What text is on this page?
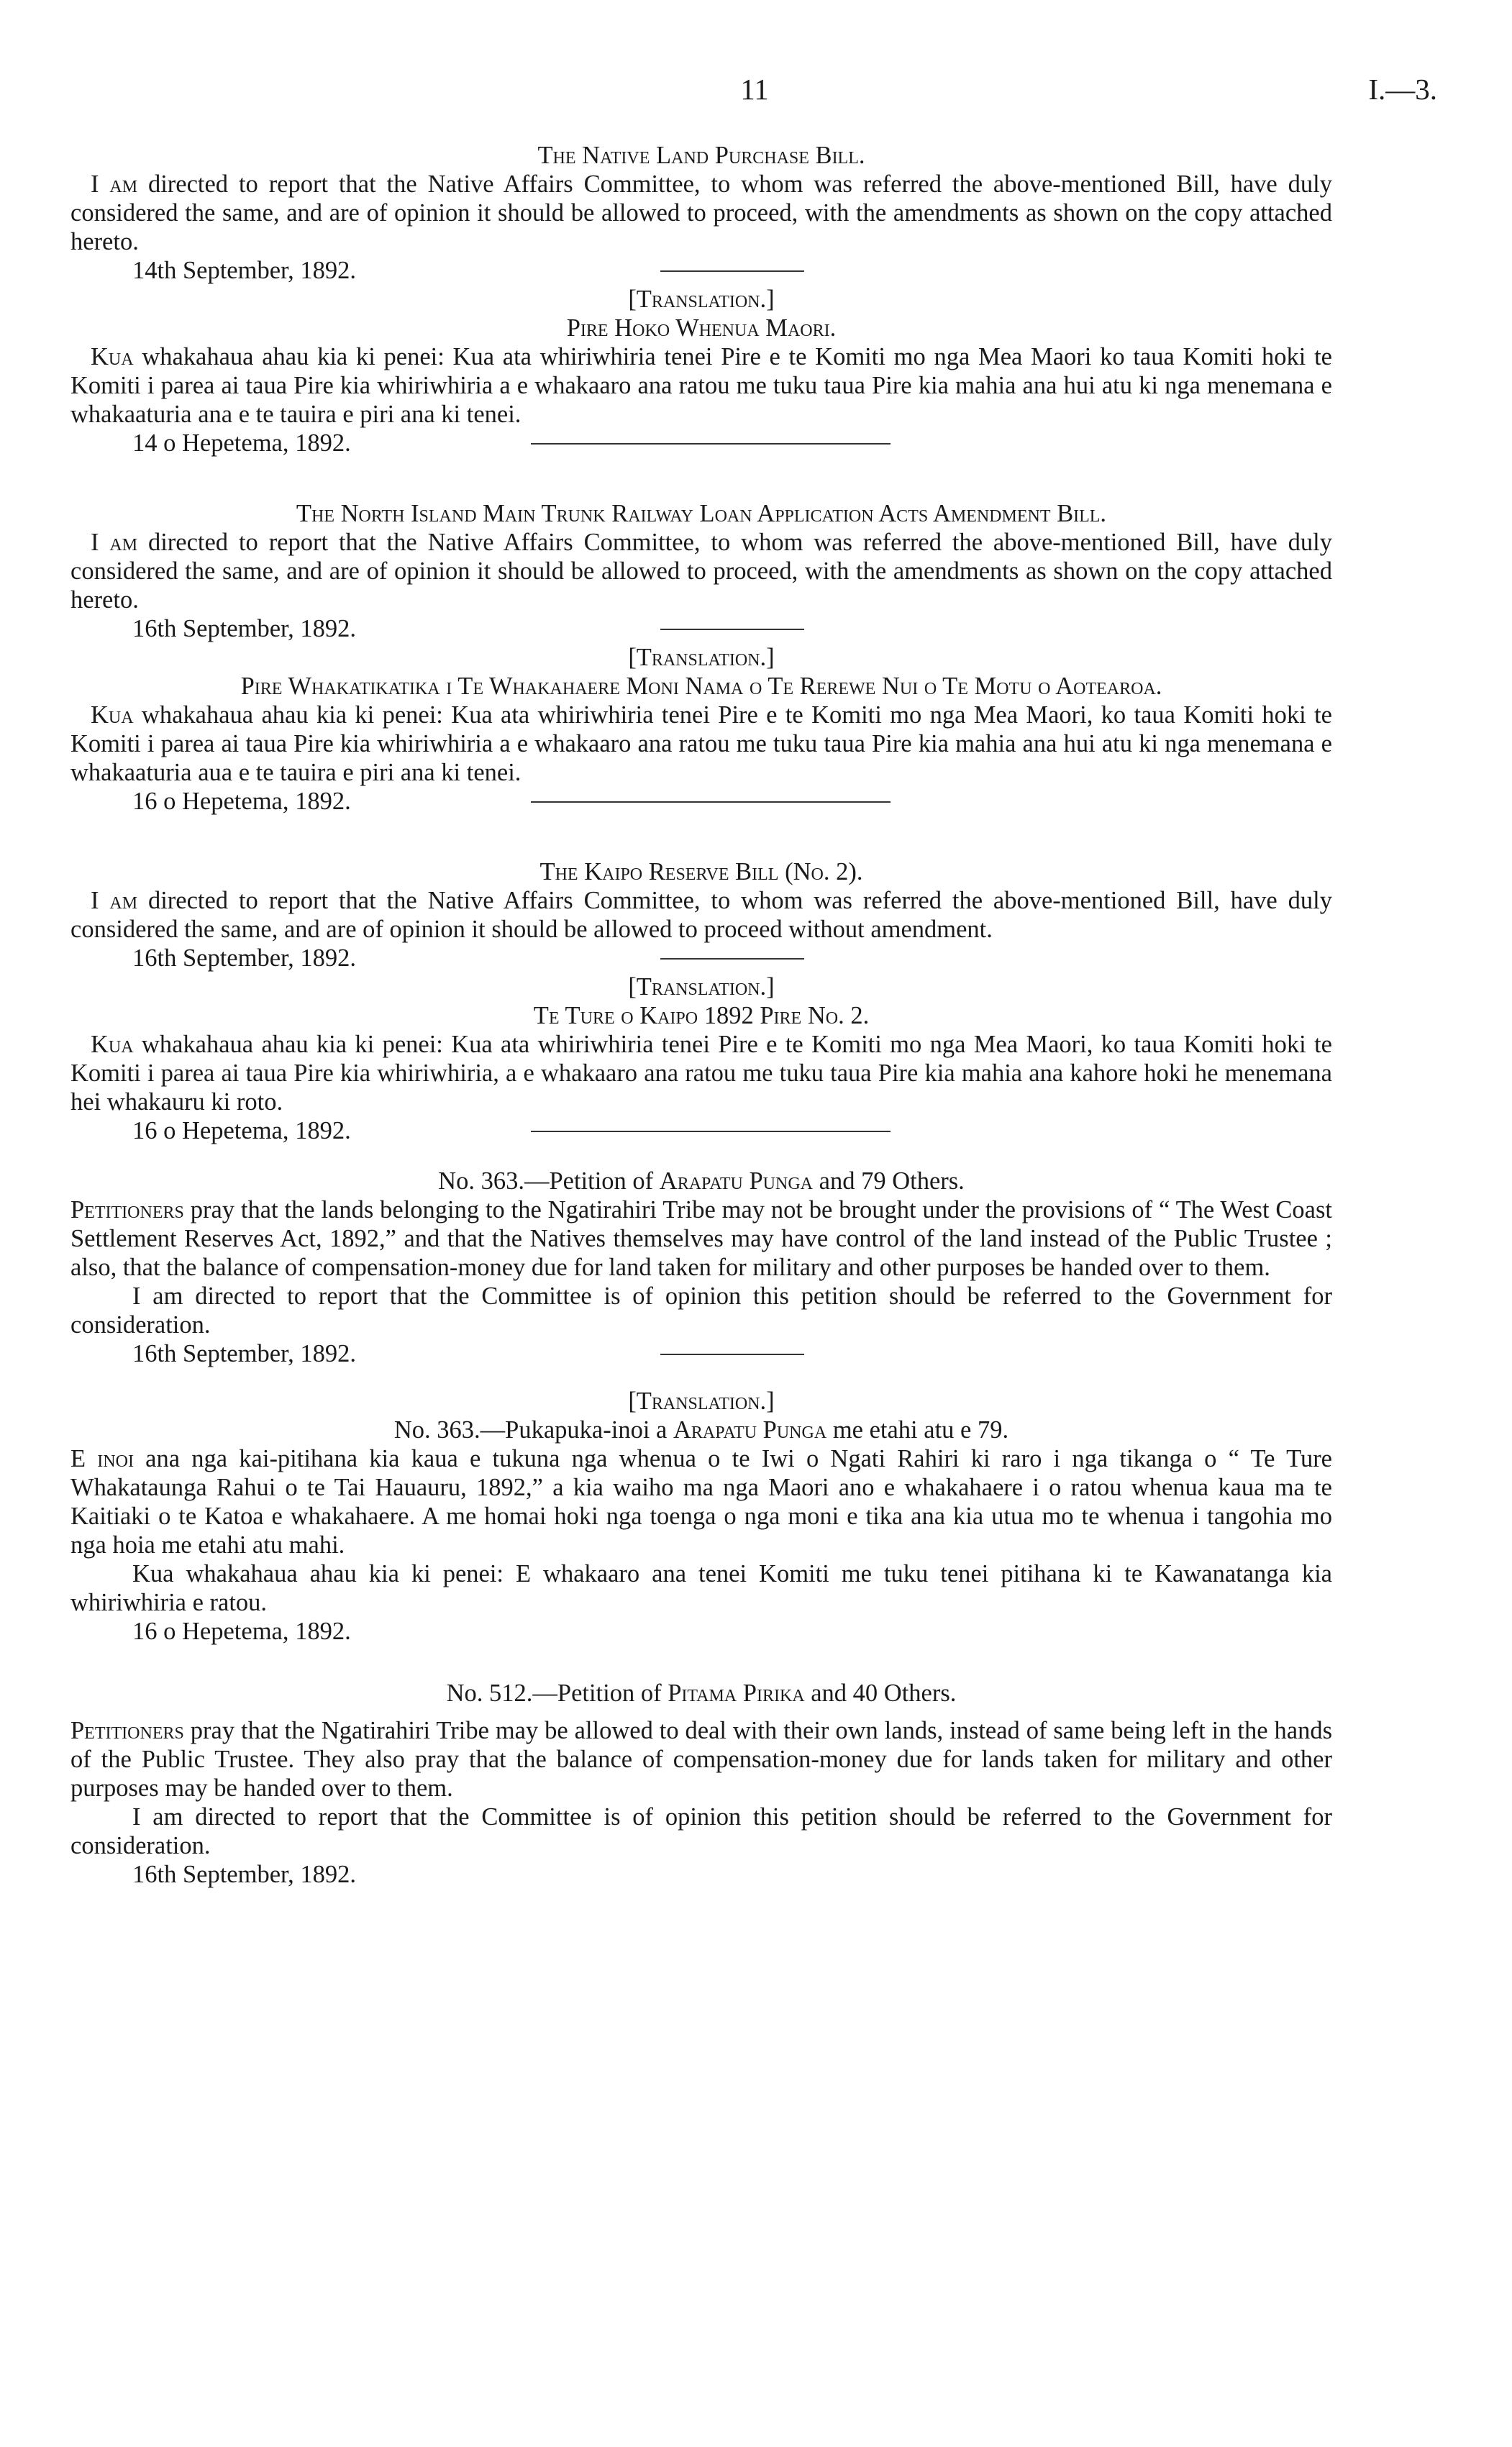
11	I.—3.

The Native Land Purchase Bill.

I am directed to report that the Native Affairs Committee, to whom was referred the above-mentioned Bill, have duly considered the same, and are of opinion it should be allowed to proceed, with the amendments as shown on the copy attached hereto.

14th September, 1892.

[Translation.]

Pire Hoko Whenua Maori.

Kua whakahaua ahau kia ki penei: Kua ata whiriwhiria tenei Pire e te Komiti mo nga Mea Maori ko taua Komiti hoki te Komiti i parea ai taua Pire kia whiriwhiria a e whakaaro ana ratou me tuku taua Pire kia mahia ana hui atu ki nga menemana e whakaaturia ana e te tauira e piri ana ki tenei.

14 o Hepetema, 1892.

The North Island Main Trunk Railway Loan Application Acts Amendment Bill.

I am directed to report that the Native Affairs Committee, to whom was referred the above-mentioned Bill, have duly considered the same, and are of opinion it should be allowed to proceed, with the amendments as shown on the copy attached hereto.

16th September, 1892.

[Translation.]

Pire Whakatikatika i Te Whakahaere Moni Nama o Te Rerewe Nui o Te Motu o Aotearoa.

Kua whakahaua ahau kia ki penei: Kua ata whiriwhiria tenei Pire e te Komiti mo nga Mea Maori, ko taua Komiti hoki te Komiti i parea ai taua Pire kia whiriwhiria a e whakaaro ana ratou me tuku taua Pire kia mahia ana hui atu ki nga menemana e whakaaturia aua e te tauira e piri ana ki tenei.

16 o Hepetema, 1892.

The Kaipo Reserve Bill (No. 2).

I am directed to report that the Native Affairs Committee, to whom was referred the above-mentioned Bill, have duly considered the same, and are of opinion it should be allowed to proceed without amendment.

16th September, 1892.

[Translation.]

Te Ture o Kaipo 1892 Pire No. 2.

Kua whakahaua ahau kia ki penei: Kua ata whiriwhiria tenei Pire e te Komiti mo nga Mea Maori, ko taua Komiti hoki te Komiti i parea ai taua Pire kia whiriwhiria, a e whakaaro ana ratou me tuku taua Pire kia mahia ana kahore hoki he menemana hei whakauru ki roto.

16 o Hepetema, 1892.

No. 363.—Petition of Arapatu Punga and 79 Others.

Petitioners pray that the lands belonging to the Ngatirahiri Tribe may not be brought under the provisions of “ The West Coast Settlement Reserves Act, 1892,” and that the Natives themselves may have control of the land instead of the Public Trustee ; also, that the balance of compensation-money due for land taken for military and other purposes be handed over to them.

I am directed to report that the Committee is of opinion this petition should be referred to the Government for consideration.

16th September, 1892.

[Translation.]

No. 363.—Pukapuka-inoi a Arapatu Punga me etahi atu e 79.

E inoi ana nga kai-pitihana kia kaua e tukuna nga whenua o te Iwi o Ngati Rahiri ki raro i nga tikanga o “ Te Ture Whakataunga Rahui o te Tai Hauauru, 1892,” a kia waiho ma nga Maori ano e whakahaere i o ratou whenua kaua ma te Kaitiaki o te Katoa e whakahaere. A me homai hoki nga toenga o nga moni e tika ana kia utua mo te whenua i tangohia mo nga hoia me etahi atu mahi.

Kua whakahaua ahau kia ki penei: E whakaaro ana tenei Komiti me tuku tenei pitihana ki te Kawanatanga kia whiriwhiria e ratou.

16 o Hepetema, 1892.

No. 512.—Petition of Pitama Pirika and 40 Others.

Petitioners pray that the Ngatirahiri Tribe may be allowed to deal with their own lands, instead of same being left in the hands of the Public Trustee. They also pray that the balance of compensation-money due for lands taken for military and other purposes may be handed over to them.

I am directed to report that the Committee is of opinion this petition should be referred to the Government for consideration.

16th September, 1892.
